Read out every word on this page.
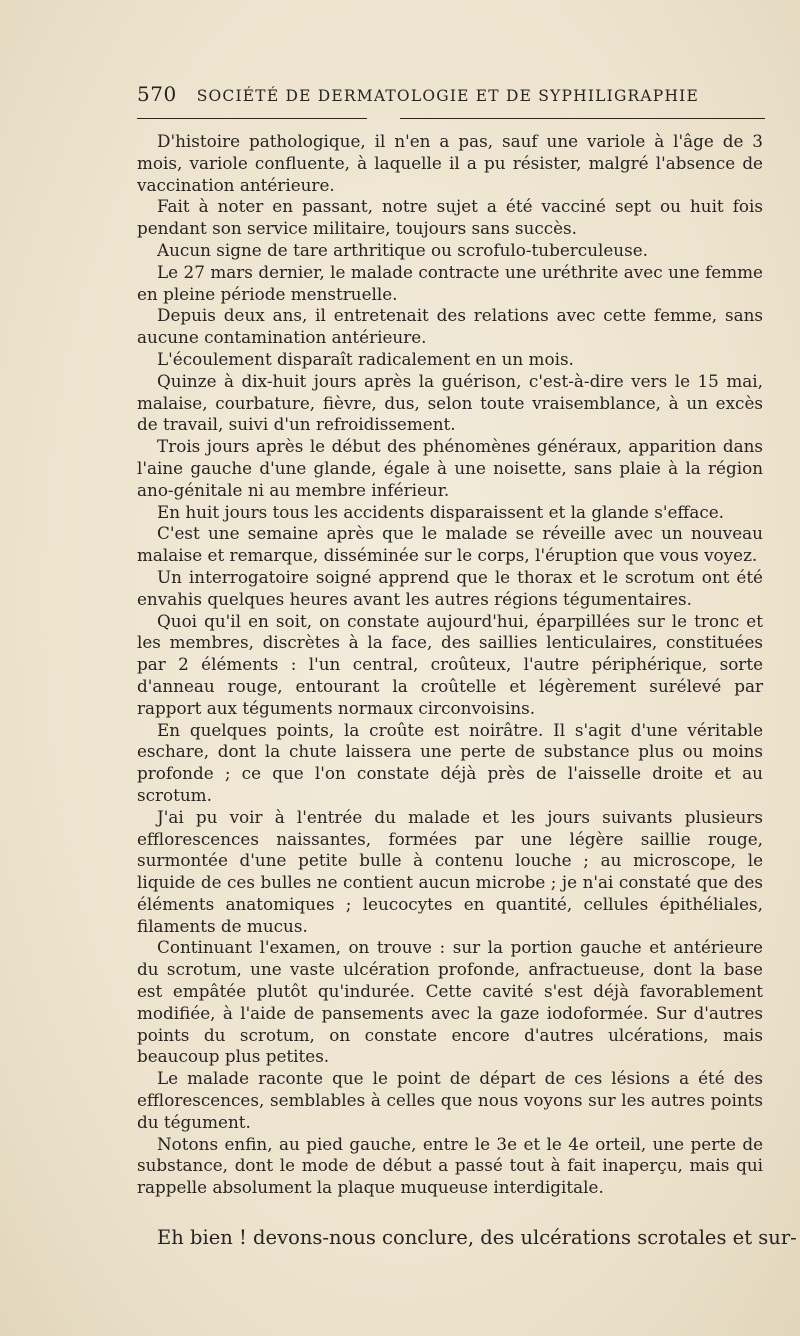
570 SOCIÉTÉ DE DERMATOLOGIE ET DE SYPHILIGRAPHIE

D'histoire pathologique, il n'en a pas, sauf une variole à l'âge de 3 mois, variole confluente, à laquelle il a pu résister, malgré l'absence de vaccination antérieure.

Fait à noter en passant, notre sujet a été vacciné sept ou huit fois pendant son service militaire, toujours sans succès.

Aucun signe de tare arthritique ou scrofulo-tuberculeuse.

Le 27 mars dernier, le malade contracte une uréthrite avec une femme en pleine période menstruelle.

Depuis deux ans, il entretenait des relations avec cette femme, sans aucune contamination antérieure.

L'écoulement disparaît radicalement en un mois.

Quinze à dix-huit jours après la guérison, c'est-à-dire vers le 15 mai, malaise, courbature, fièvre, dus, selon toute vraisemblance, à un excès de travail, suivi d'un refroidissement.

Trois jours après le début des phénomènes généraux, apparition dans l'aine gauche d'une glande, égale à une noisette, sans plaie à la région ano-génitale ni au membre inférieur.

En huit jours tous les accidents disparaissent et la glande s'efface.

C'est une semaine après que le malade se réveille avec un nouveau malaise et remarque, disséminée sur le corps, l'éruption que vous voyez.

Un interrogatoire soigné apprend que le thorax et le scrotum ont été envahis quelques heures avant les autres régions tégumentaires.

Quoi qu'il en soit, on constate aujourd'hui, éparpillées sur le tronc et les membres, discrètes à la face, des saillies lenticulaires, constituées par 2 éléments : l'un central, croûteux, l'autre périphérique, sorte d'anneau rouge, entourant la croûtelle et légèrement surélevé par rapport aux téguments normaux circonvoisins.

En quelques points, la croûte est noirâtre. Il s'agit d'une véritable eschare, dont la chute laissera une perte de substance plus ou moins profonde ; ce que l'on constate déjà près de l'aisselle droite et au scrotum.

J'ai pu voir à l'entrée du malade et les jours suivants plusieurs efflorescences naissantes, formées par une légère saillie rouge, surmontée d'une petite bulle à contenu louche ; au microscope, le liquide de ces bulles ne contient aucun microbe ; je n'ai constaté que des éléments anatomiques ; leucocytes en quantité, cellules épithéliales, filaments de mucus.

Continuant l'examen, on trouve : sur la portion gauche et antérieure du scrotum, une vaste ulcération profonde, anfractueuse, dont la base est empâtée plutôt qu'indurée. Cette cavité s'est déjà favorablement modifiée, à l'aide de pansements avec la gaze iodoformée. Sur d'autres points du scrotum, on constate encore d'autres ulcérations, mais beaucoup plus petites.

Le malade raconte que le point de départ de ces lésions a été des efflorescences, semblables à celles que nous voyons sur les autres points du tégument.

Notons enfin, au pied gauche, entre le 3e et le 4e orteil, une perte de substance, dont le mode de début a passé tout à fait inaperçu, mais qui rappelle absolument la plaque muqueuse interdigitale.

Eh bien ! devons-nous conclure, des ulcérations scrotales et sur-
